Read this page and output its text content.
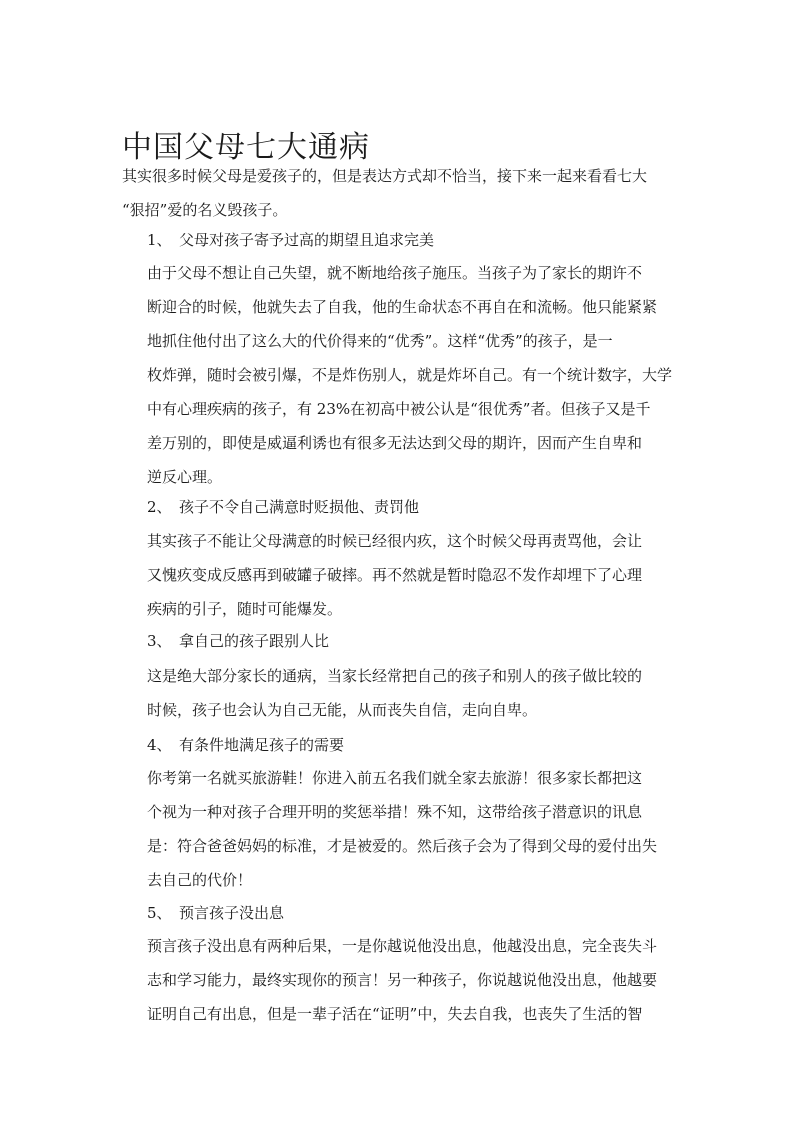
中国父母七大通病
其实很多时候父母是爱孩子的，但是表达方式却不恰当，接下来一起来看看七大
“狠招”爱的名义毁孩子。
1、 父母对孩子寄予过高的期望且追求完美
由于父母不想让自己失望，就不断地给孩子施压。当孩子为了家长的期许不
断迎合的时候，他就失去了自我，他的生命状态不再自在和流畅。他只能紧紧
地抓住他付出了这么大的代价得来的“优秀”。这样“优秀”的孩子，是一
枚炸弹，随时会被引爆，不是炸伤别人，就是炸坏自己。有一个统计数字，大学
中有心理疾病的孩子，有 23%在初高中被公认是“很优秀”者。但孩子又是千
差万别的，即使是威逼利诱也有很多无法达到父母的期许，因而产生自卑和
逆反心理。
2、 孩子不令自己满意时贬损他、责罚他
其实孩子不能让父母满意的时候已经很内疚，这个时候父母再责骂他，会让
又愧疚变成反感再到破罐子破摔。再不然就是暂时隐忍不发作却埋下了心理
疾病的引子，随时可能爆发。
3、 拿自己的孩子跟别人比
这是绝大部分家长的通病，当家长经常把自己的孩子和别人的孩子做比较的
时候，孩子也会认为自己无能，从而丧失自信，走向自卑。
4、 有条件地满足孩子的需要
你考第一名就买旅游鞋！你进入前五名我们就全家去旅游！很多家长都把这
个视为一种对孩子合理开明的奖惩举措！殊不知，这带给孩子潜意识的讯息
是：符合爸爸妈妈的标准，才是被爱的。然后孩子会为了得到父母的爱付出失
去自己的代价！
5、 预言孩子没出息
预言孩子没出息有两种后果，一是你越说他没出息，他越没出息，完全丧失斗
志和学习能力，最终实现你的预言！另一种孩子，你说越说他没出息，他越要
证明自己有出息，但是一辈子活在“证明”中，失去自我，也丧失了生活的智
